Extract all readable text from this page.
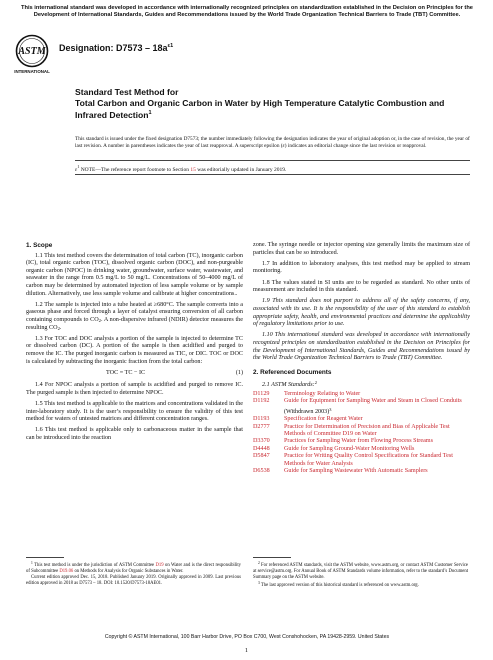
This international standard was developed in accordance with internationally recognized principles on standardization established in the Decision on Principles for the Development of International Standards, Guides and Recommendations issued by the World Trade Organization Technical Barriers to Trade (TBT) Committee.
ASTM
INTERNATIONAL
Designation: $D7573 - 18a^{\varepsilon 1}$
Standard Test Method for
Total Carbon and Organic Carbon in Water by High Temperature Catalytic Combustion and Infrared Detection$^1$
This standard is issued under the fixed designation D7573; the number immediately following the designation indicates the year of original adoption or, in the case of revision, the year of last revision. A number in parentheses indicates the year of last reapproval. A superscript epsilon (ε) indicates an editorial change since the last revision or reapproval.
$\varepsilon^1$ NOTE—The reference report footnote to Section 15 was editorially updated in January 2019.
1. Scope

1.1 This test method covers the determination of total carbon (TC), inorganic carbon (IC), total organic carbon (TOC), dissolved organic carbon (DOC), and non-purgeable organic carbon (NPOC) in drinking water, groundwater, surface water, wastewater, and seawater in the range from 0.5 mg/L to 50 mg/L. Concentrations of 50–4000 mg/L of carbon may be determined by automated injection of less sample volume or by sample dilution. Alternatively, use less sample volume and calibrate at higher concentrations..

1.2 The sample is injected into a tube heated at ≥680°C. The sample converts into a gaseous phase and forced through a layer of catalyst ensuring conversion of all carbon containing compounds to $CO_2$. A non-dispersive infrared (NDIR) detector measures the resulting $CO_2$.

1.3 For TOC and DOC analysis a portion of the sample is injected to determine TC or dissolved carbon (DC). A portion of the sample is then acidified and purged to remove the IC. The purged inorganic carbon is measured as TIC, or DIC. TOC or DOC is calculated by subtracting the inorganic fraction from the total carbon:

TOC = TC − IC	(1)

1.4 For NPOC analysis a portion of sample is acidified and purged to remove IC. The purged sample is then injected to determine NPOC.

1.5 This test method is applicable to the matrices and concentrations validated in the inter-laboratory study. It is the user’s responsibility to ensure the validity of this test method for waters of untested matrices and different concentration ranges.

1.6 This test method is applicable only to carbonaceous matter in the sample that can be introduced into the reaction

zone. The syringe needle or injector opening size generally limits the maximum size of particles that can be so introduced.

1.7 In addition to laboratory analyses, this test method may be applied to stream monitoring.

1.8 The values stated in SI units are to be regarded as standard. No other units of measurement are included in this standard.

1.9 This standard does not purport to address all of the safety concerns, if any, associated with its use. It is the responsibility of the user of this standard to establish appropriate safety, health, and environmental practices and determine the applicability of regulatory limitations prior to use.

1.10 This international standard was developed in accordance with internationally recognized principles on standardization established in the Decision on Principles for the Development of International Standards, Guides and Recommendations issued by the World Trade Organization Technical Barriers to Trade (TBT) Committee.

2. Referenced Documents
2.1 ASTM Standards:$^2$
D1129 Terminology Relating to Water
D1192 Guide for Equipment for Sampling Water and Steam in Closed Conduits (Withdrawn 2003)$^3$
D1193 Specification for Reagent Water
D2777 Practice for Determination of Precision and Bias of Applicable Test Methods of Committee D19 on Water
D3370 Practices for Sampling Water from Flowing Process Streams
D4448 Guide for Sampling Ground-Water Monitoring Wells
D5847 Practice for Writing Quality Control Specifications for Standard Test Methods for Water Analysis
D6538 Guide for Sampling Wastewater With Automatic Samplers

$^1$ This test method is under the jurisdiction of ASTM Committee D19 on Water and is the direct responsibility of Subcommittee D19.06 on Methods for Analysis for Organic Substances in Water.

Current edition approved Dec. 15, 2018. Published January 2019. Originally approved in 2009. Last previous edition approved in 2018 as D7573 – 18. DOI: 10.1520/D7573-18AE01.

$^2$ For referenced ASTM standards, visit the ASTM website, www.astm.org, or contact ASTM Customer Service at service@astm.org. For Annual Book of ASTM Standards volume information, refer to the standard’s Document Summary page on the ASTM website.

$^3$ The last approved version of this historical standard is referenced on www.astm.org.

Copyright © ASTM International, 100 Barr Harbor Drive, PO Box C700, West Conshohocken, PA 19428-2959. United States
1
